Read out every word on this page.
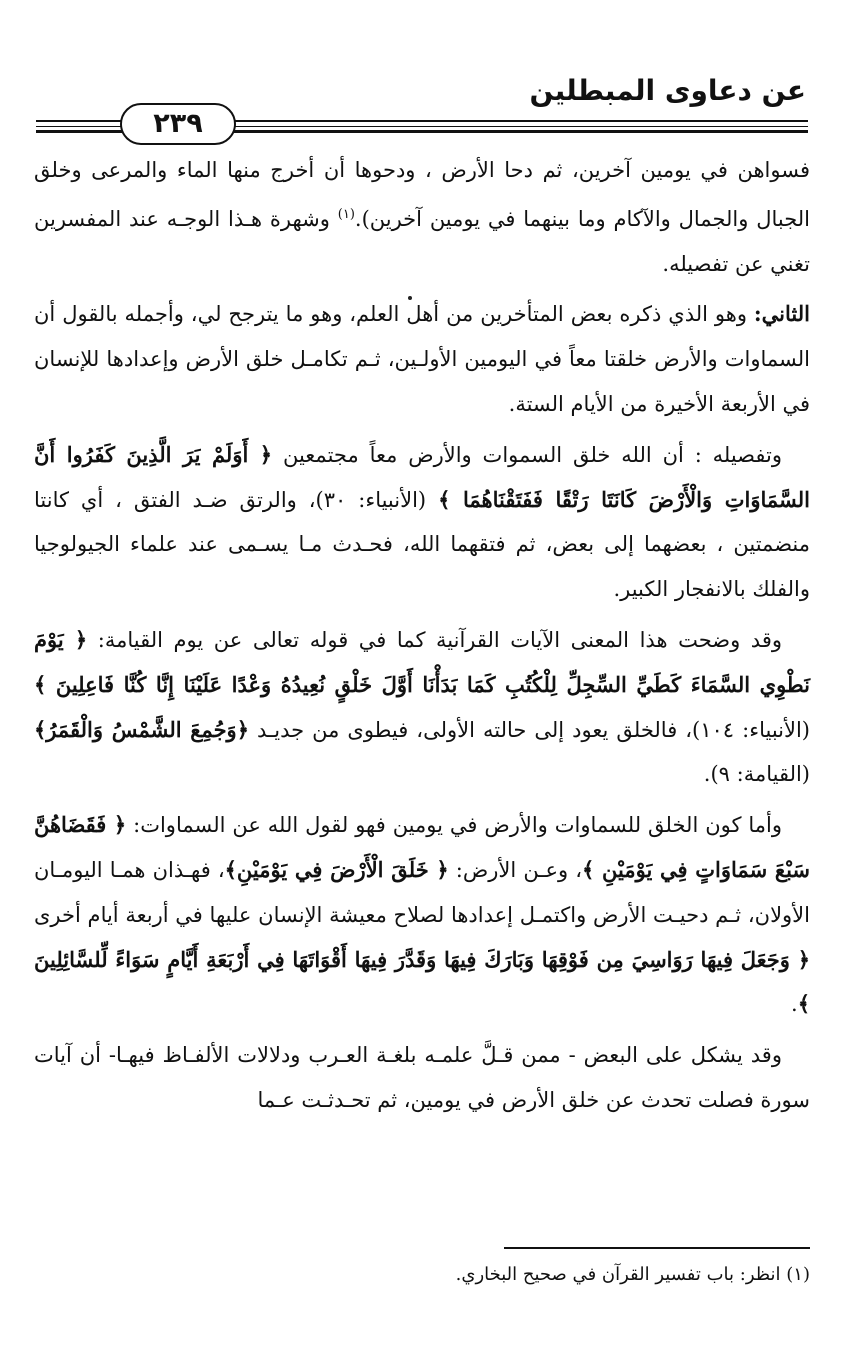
عن دعاوى المبطلين
٢٣٩

فسواهن في يومين آخرين، ثم دحا الأرض ، ودحوها أن أخرج منها الماء والمرعى وخلق الجبال والجمال والآكام وما بينهما في يومين آخرين).$^{(١)}$ وشهرة هـذا الوجـه عند المفسرين تغني عن تفصيله.

الثاني: وهو الذي ذكره بعض المتأخرين من أهل العلم، وهو ما يترجح لي، وأجمله بالقول أن السماوات والأرض خلقتا معاً في اليومين الأولـين، ثـم تكامـل خلق الأرض وإعدادها للإنسان في الأربعة الأخيرة من الأيام الستة.

وتفصيله : أن الله خلق السموات والأرض معاً مجتمعين ﴿ أَوَلَمْ يَرَ الَّذِينَ كَفَرُوا أَنَّ السَّمَاوَاتِ وَالْأَرْضَ كَانَتَا رَتْقًا فَفَتَقْنَاهُمَا ﴾ (الأنبياء: ٣٠)، والرتق ضـد الفتق ، أي كانتا منضمتين ، بعضهما إلى بعض، ثم فتقهما الله، فحـدث مـا يسـمى عند علماء الجيولوجيا والفلك بالانفجار الكبير.

وقد وضحت هذا المعنى الآيات القرآنية كما في قوله تعالى عن يوم القيامة: ﴿ يَوْمَ نَطْوِي السَّمَاءَ كَطَيِّ السِّجِلِّ لِلْكُتُبِ كَمَا بَدَأْنَا أَوَّلَ خَلْقٍ نُعِيدُهُ وَعْدًا عَلَيْنَا إِنَّا كُنَّا فَاعِلِينَ ﴾ (الأنبياء: ١٠٤)، فالخلق يعود إلى حالته الأولى، فيطوى من جديـد ﴿وَجُمِعَ الشَّمْسُ وَالْقَمَرُ﴾ (القيامة: ٩).

وأما كون الخلق للسماوات والأرض في يومين فهو لقول الله عن السماوات: ﴿ فَقَضَاهُنَّ سَبْعَ سَمَاوَاتٍ فِي يَوْمَيْنِ ﴾، وعـن الأرض: ﴿ خَلَقَ الْأَرْضَ فِي يَوْمَيْنِ﴾، فهـذان همـا اليومـان الأولان، ثـم دحيـت الأرض واكتمـل إعدادها لصلاح معيشة الإنسان عليها في أربعة أيام أخرى ﴿ وَجَعَلَ فِيهَا رَوَاسِيَ مِن فَوْقِهَا وَبَارَكَ فِيهَا وَقَدَّرَ فِيهَا أَقْوَاتَهَا فِي أَرْبَعَةِ أَيَّامٍ سَوَاءً لِّلسَّائِلِينَ ﴾.

وقد يشكل على البعض - ممن قـلَّ علمـه بلغـة العـرب ودلالات الألفـاظ فيهـا- أن آيات سورة فصلت تحدث عن خلق الأرض في يومين، ثم تحـدثـت عـما

(١) انظر: باب تفسير القرآن في صحيح البخاري.
